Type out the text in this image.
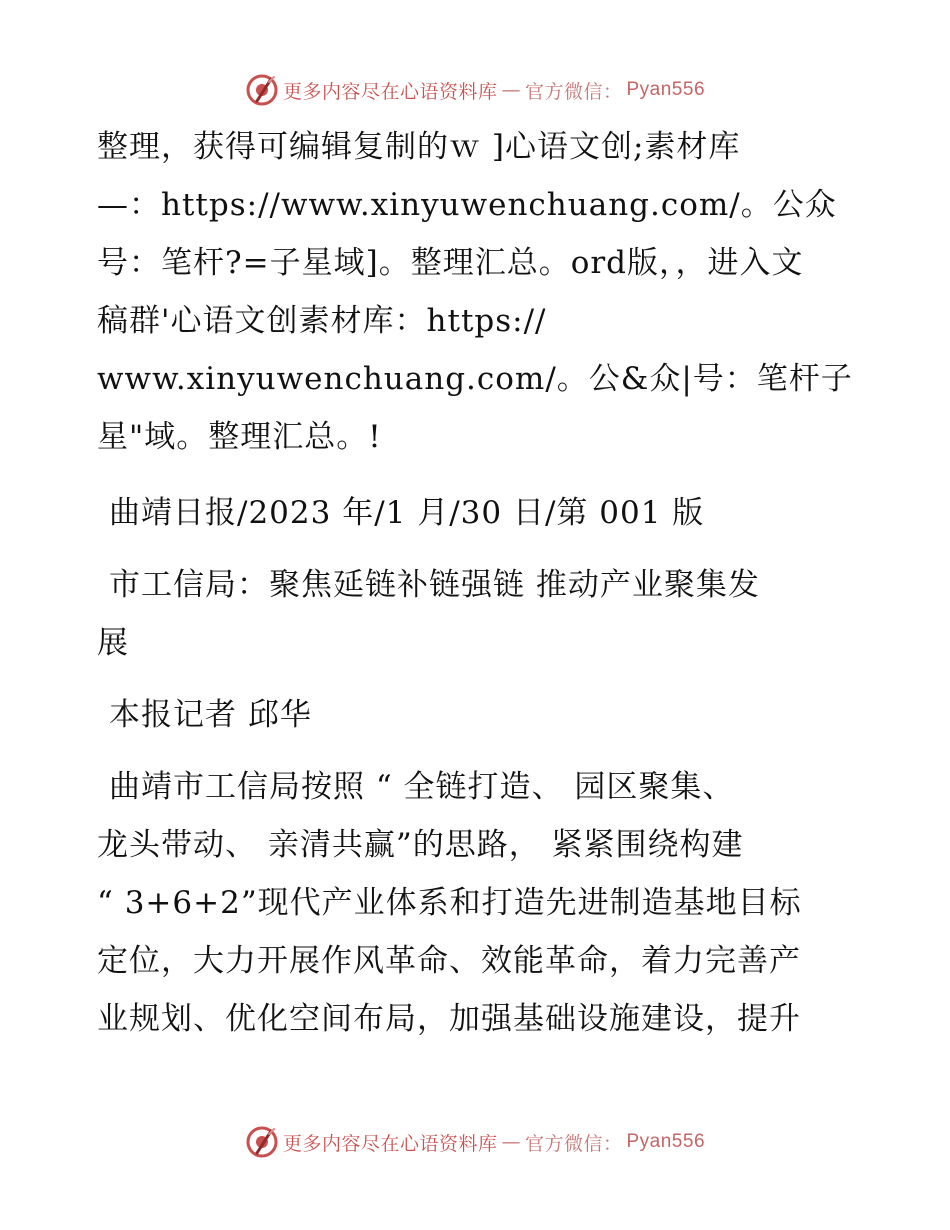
更多内容尽在心语资料库 — 官方微信： Pyan556
整理，获得可编辑复制的ｗ ]心语文创;素材库
—：https://www.xinyuwenchuang.com/。公众
号：笔杆?=子星域]。整理汇总。ord版，，进入文
稿群'心语文创素材库：https://
www.xinyuwenchuang.com/。公&众|号：笔杆子
星"域。整理汇总。!
曲靖日报/2023 年/1 月/30 日/第 001 版
市工信局：聚焦延链补链强链 推动产业聚集发
展
本报记者 邱华
曲靖市工信局按照 “ 全链打造、 园区聚集、
龙头带动、 亲清共赢”的思路， 紧紧围绕构建
“ 3+6+2”现代产业体系和打造先进制造基地目标
定位，大力开展作风革命、效能革命，着力完善产
业规划、优化空间布局，加强基础设施建设，提升
更多内容尽在心语资料库 — 官方微信： Pyan556
